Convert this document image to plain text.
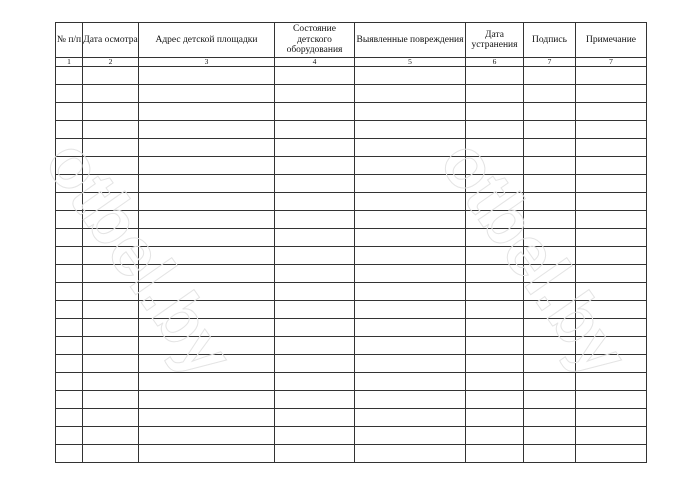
№ п/п	Дата осмотра	Адрес детской площадки	Состояние детского оборудования	Выявленные повреждения	Дата устранения	Подпись	Примечание
1	2	3	4	5	6	7	7

otbel.by	otbel.by
